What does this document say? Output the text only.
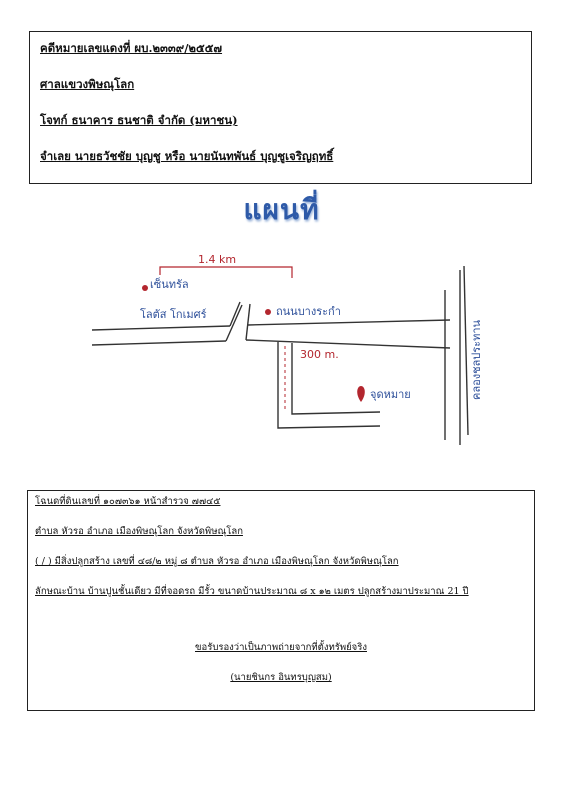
คดีหมายเลขแดงที่ ผบ.๒๓๓๙/๒๕๕๗
ศาลแขวงพิษณุโลก
โจทก์ ธนาคาร ธนชาติ จำกัด (มหาชน)
จำเลย นายธวัชชัย บุญชู หรือ นายนันทพันธ์ บุญชูเจริญฤทธิ์
แผนที่
1.4 km
เซ็นทรัล
โลตัส โกเมศร์	ถนนบางระกำ
300 m.
จุดหมาย	คลองชลประทาน
โฉนดที่ดินเลขที่ ๑๐๗๓๖๑ หน้าสำรวจ ๗๗๔๕
ตำบล หัวรอ อำเภอ เมืองพิษณุโลก จังหวัดพิษณุโลก
( / ) มีสิ่งปลูกสร้าง เลขที่ ๔๘/๒ หมู่ ๘ ตำบล หัวรอ อำเภอ เมืองพิษณุโลก จังหวัดพิษณุโลก
ลักษณะบ้าน บ้านปูนชั้นเดียว มีที่จอดรถ มีรั้ว ขนาดบ้านประมาณ ๘ x ๑๒ เมตร ปลูกสร้างมาประมาณ 21 ปี
ขอรับรองว่าเป็นภาพถ่ายจากที่ตั้งทรัพย์จริง
(นายชินกร อินทรบุญสม)
